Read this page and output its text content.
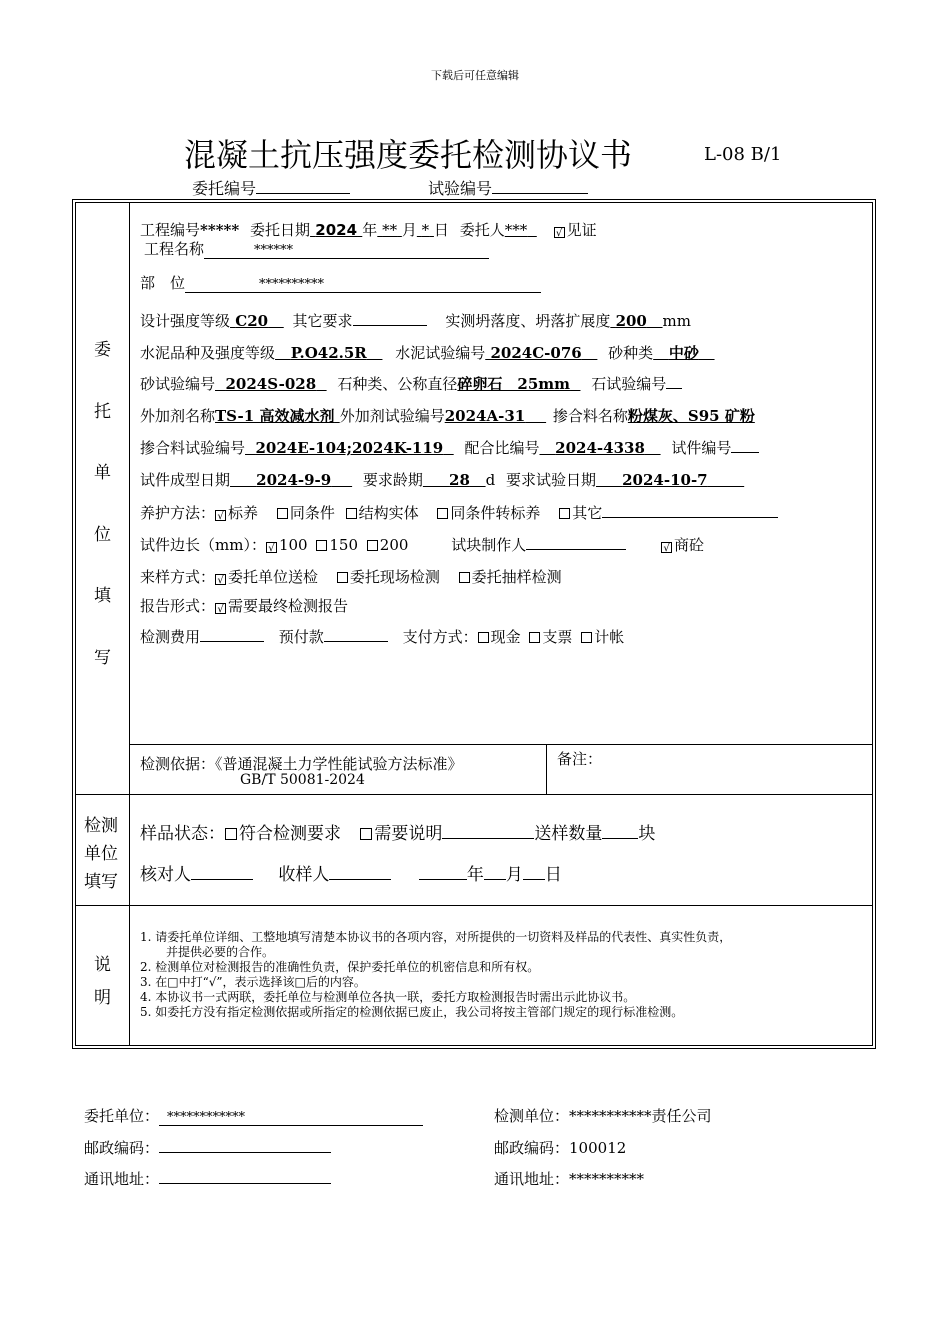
下载后可任意编辑
混凝土抗压强度委托检测协议书	L-08 B/1
委托编号	试验编号
委
托
单
位
填
写
检测
单位
填写
说
明
工程编号***** 委托日期 2024 年 ** 月 * 日 委托人***	√ 见证
工程名称	******
部　位	**********
设计强度等级 C20 其它要求	实测坍落度、坍落扩展度 200 mm
水泥品种及强度等级 P.O42.5R 水泥试验编号 2024C-076 砂种类 中砂
砂试验编号 2024S-028 石种类、公称直径碎卵石　25mm 石试验编号
外加剂名称TS-1 高效减水剂 外加剂试验编号2024A-31 掺合料名称粉煤灰、S95 矿粉
掺合料试验编号 2024E-104;2024K-119 配合比编号 2024-4338 试件编号
试件成型日期 2024-9-9 要求龄期 28 d 要求试验日期 2024-10-7
养护方法： √ 标养 同条件 结构实体 同条件转标养 其它
试件边长（mm）： √ 100 150 200	试块制作人	√ 商砼
来样方式： √ 委托单位送检 委托现场检测 委托抽样检测
报告形式： √ 需要最终检测报告
检测费用	预付款	支付方式： 现金 支票 计帐
检测依据：《普通混凝土力学性能试验方法标准》
GB/T 50081-2024
备注：
样品状态： 符合检测要求 需要说明	送样数量 块
核对人	收样人	年 月 日
1. 请委托单位详细、工整地填写清楚本协议书的各项内容，对所提供的一切资料及样品的代表性、真实性负责，
　并提供必要的合作。
2. 检测单位对检测报告的准确性负责，保护委托单位的机密信息和所有权。
3. 在□中打“√”，表示选择该□后的内容。
4. 本协议书一式两联，委托单位与检测单位各执一联，委托方取检测报告时需出示此协议书。
5. 如委托方没有指定检测依据或所指定的检测依据已废止，我公司将按主管部门规定的现行标准检测。
委托单位： ************
邮政编码：
通讯地址：
检测单位：***********责任公司
邮政编码：100012
通讯地址：**********
